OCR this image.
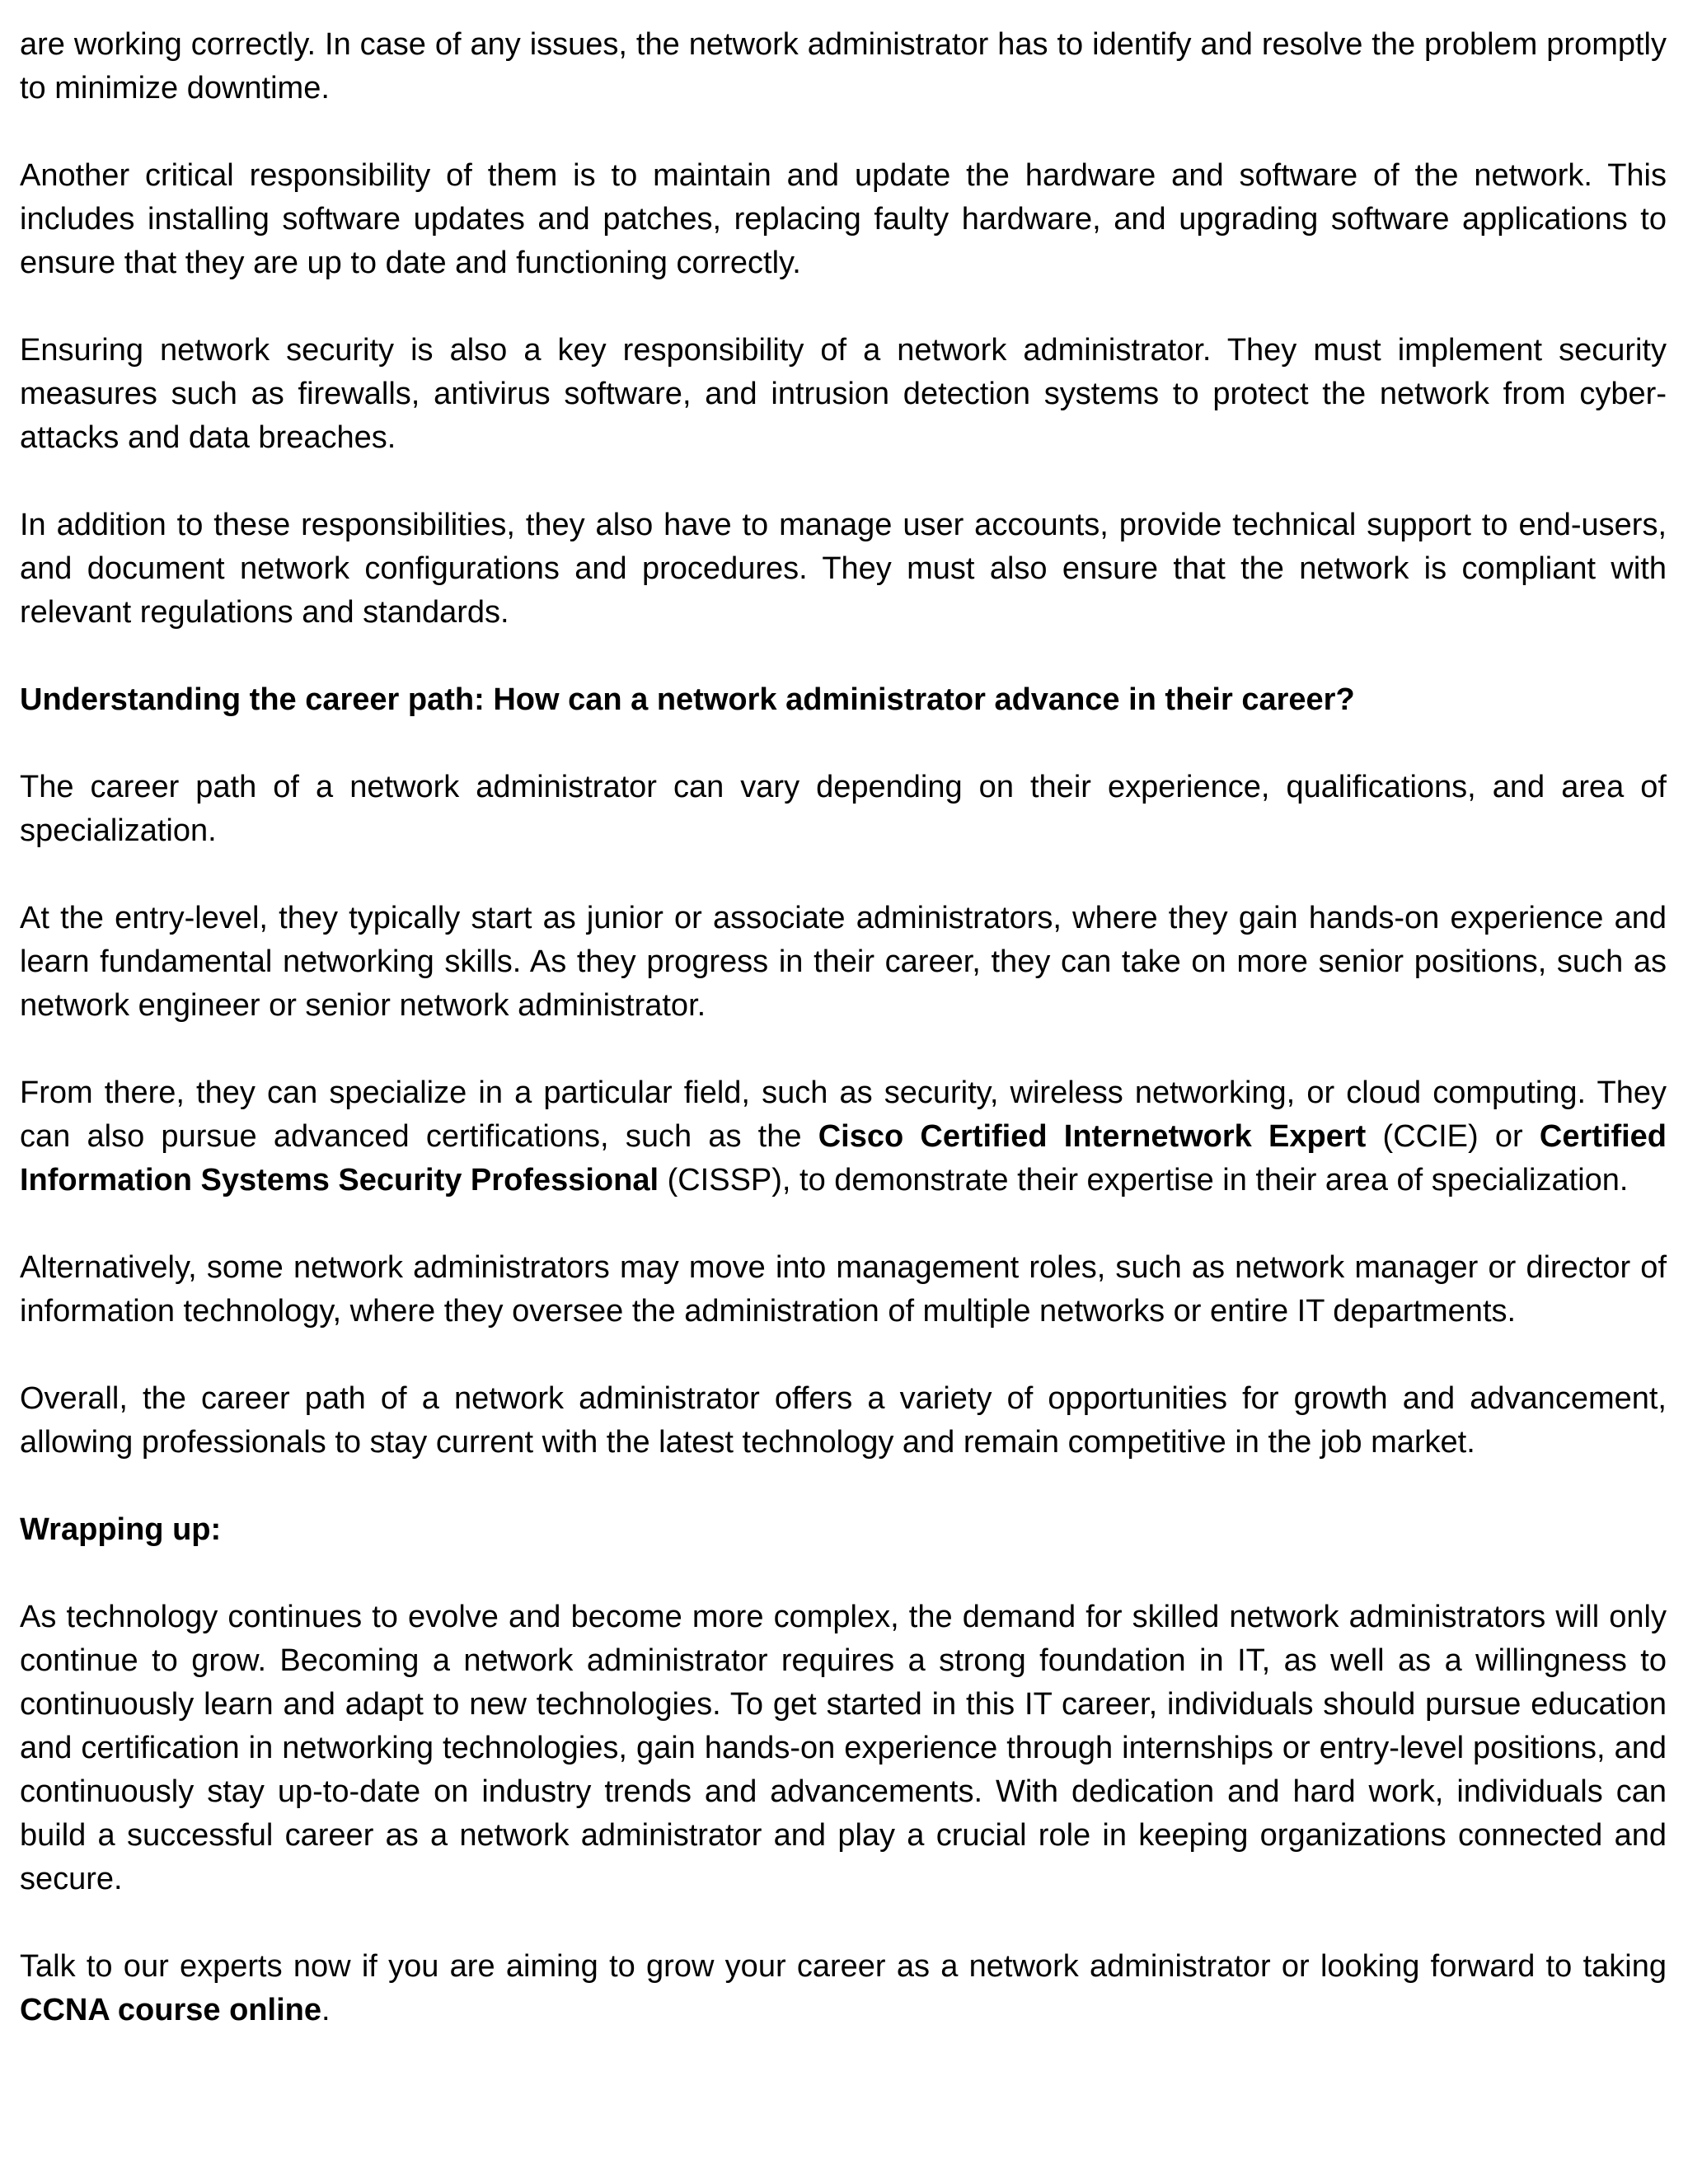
are working correctly. In case of any issues, the network administrator has to identify and resolve the problem promptly to minimize downtime.

Another critical responsibility of them is to maintain and update the hardware and software of the network. This includes installing software updates and patches, replacing faulty hardware, and upgrading software applications to ensure that they are up to date and functioning correctly.

Ensuring network security is also a key responsibility of a network administrator. They must implement security measures such as firewalls, antivirus software, and intrusion detection systems to protect the network from cyber-attacks and data breaches.

In addition to these responsibilities, they also have to manage user accounts, provide technical support to end-users, and document network configurations and procedures. They must also ensure that the network is compliant with relevant regulations and standards.

Understanding the career path: How can a network administrator advance in their career?

The career path of a network administrator can vary depending on their experience, qualifications, and area of specialization.

At the entry-level, they typically start as junior or associate administrators, where they gain hands-on experience and learn fundamental networking skills. As they progress in their career, they can take on more senior positions, such as network engineer or senior network administrator.

From there, they can specialize in a particular field, such as security, wireless networking, or cloud computing. They can also pursue advanced certifications, such as the Cisco Certified Internetwork Expert (CCIE) or Certified Information Systems Security Professional (CISSP), to demonstrate their expertise in their area of specialization.

Alternatively, some network administrators may move into management roles, such as network manager or director of information technology, where they oversee the administration of multiple networks or entire IT departments.

Overall, the career path of a network administrator offers a variety of opportunities for growth and advancement, allowing professionals to stay current with the latest technology and remain competitive in the job market.

Wrapping up:

As technology continues to evolve and become more complex, the demand for skilled network administrators will only continue to grow. Becoming a network administrator requires a strong foundation in IT, as well as a willingness to continuously learn and adapt to new technologies. To get started in this IT career, individuals should pursue education and certification in networking technologies, gain hands-on experience through internships or entry-level positions, and continuously stay up-to-date on industry trends and advancements. With dedication and hard work, individuals can build a successful career as a network administrator and play a crucial role in keeping organizations connected and secure.

Talk to our experts now if you are aiming to grow your career as a network administrator or looking forward to taking CCNA course online.
